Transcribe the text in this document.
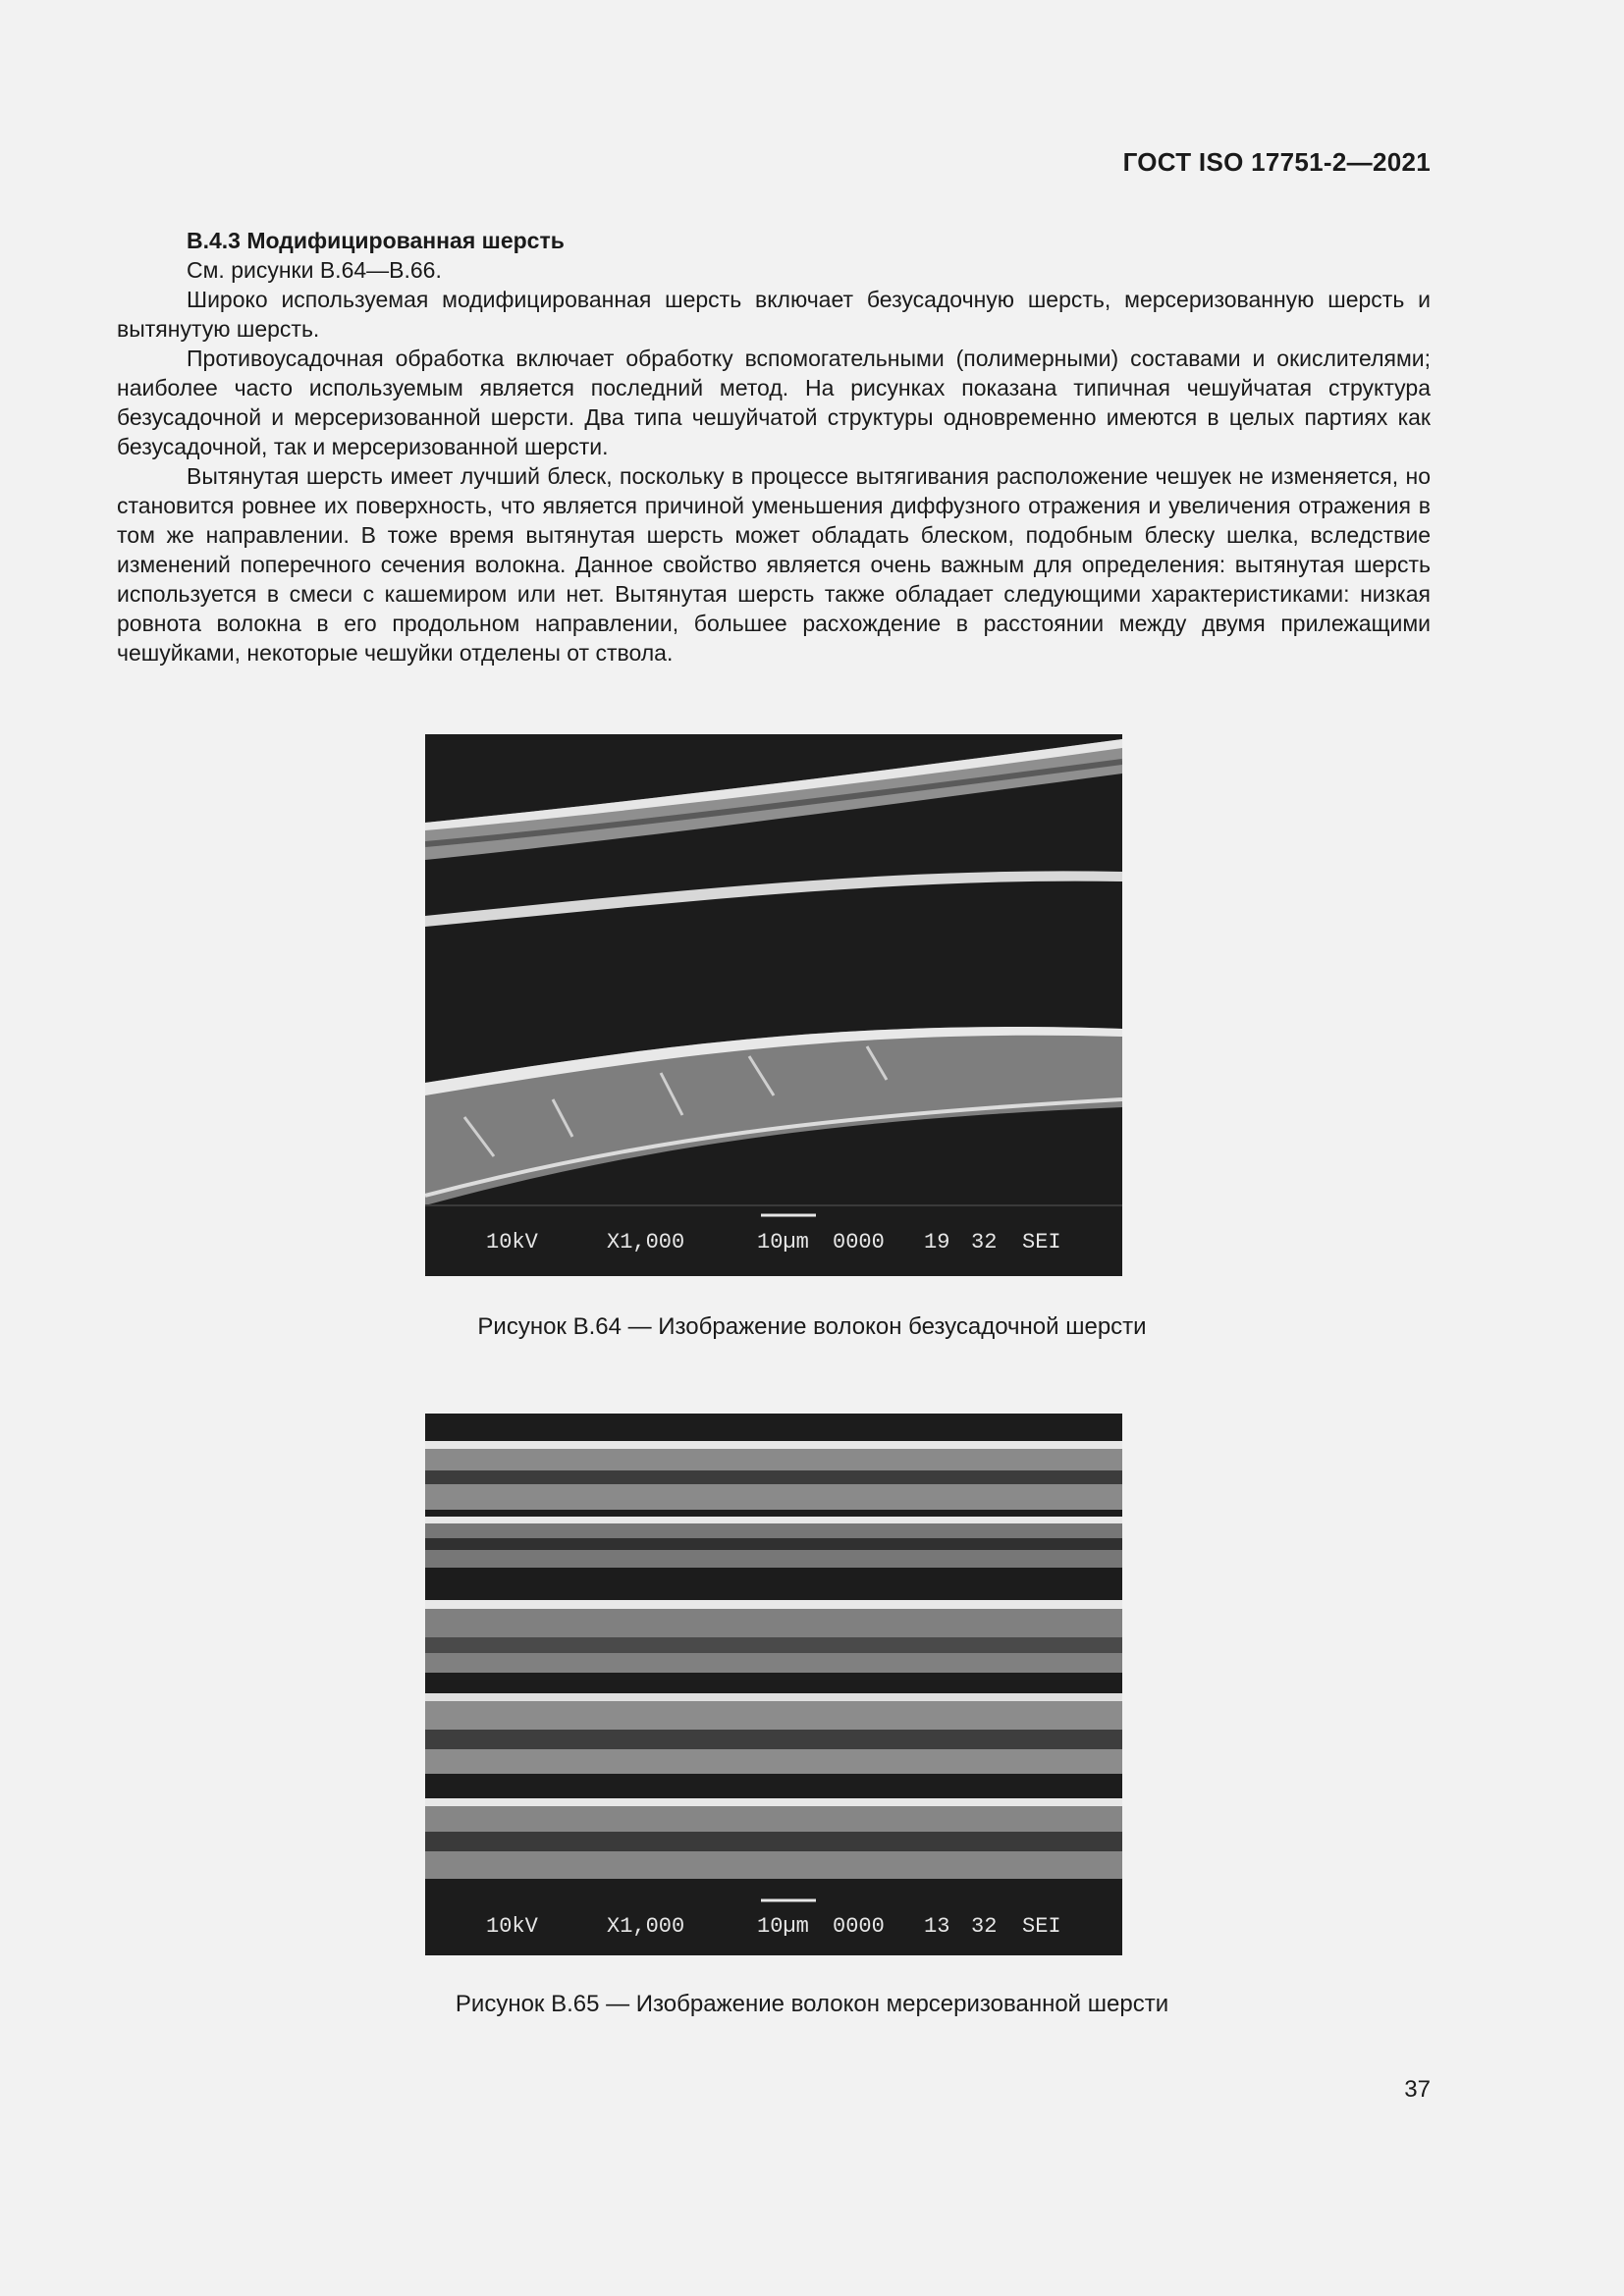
ГОСТ ISO 17751-2—2021

В.4.3 Модифицированная шерсть

См. рисунки В.64—В.66.

Широко используемая модифицированная шерсть включает безусадочную шерсть, мерсеризованную шерсть и вытянутую шерсть.

Противоусадочная обработка включает обработку вспомогательными (полимерными) составами и окислителями; наиболее часто используемым является последний метод. На рисунках показана типичная чешуйчатая структура безусадочной и мерсеризованной шерсти. Два типа чешуйчатой структуры одновременно имеются в целых партиях как безусадочной, так и мерсеризованной шерсти.

Вытянутая шерсть имеет лучший блеск, поскольку в процессе вытягивания расположение чешуек не изменяется, но становится ровнее их поверхность, что является причиной уменьшения диффузного отражения и увеличения отражения в том же направлении. В тоже время вытянутая шерсть может обладать блеском, подобным блеску шелка, вследствие изменений поперечного сечения волокна. Данное свойство является очень важным для определения: вытянутая шерсть используется в смеси с кашемиром или нет. Вытянутая шерсть также обладает следующими характеристиками: низкая ровнота волокна в его продольном направлении, большее расхождение в расстоянии между двумя прилежащими чешуйками, некоторые чешуйки отделены от ствола.

10kV	X1,000	10µm 0000 19 32 SEI
Рисунок В.64 — Изображение волокон безусадочной шерсти
10kV	X1,000	10µm 0000 13 32 SEI
Рисунок В.65 — Изображение волокон мерсеризованной шерсти
37
